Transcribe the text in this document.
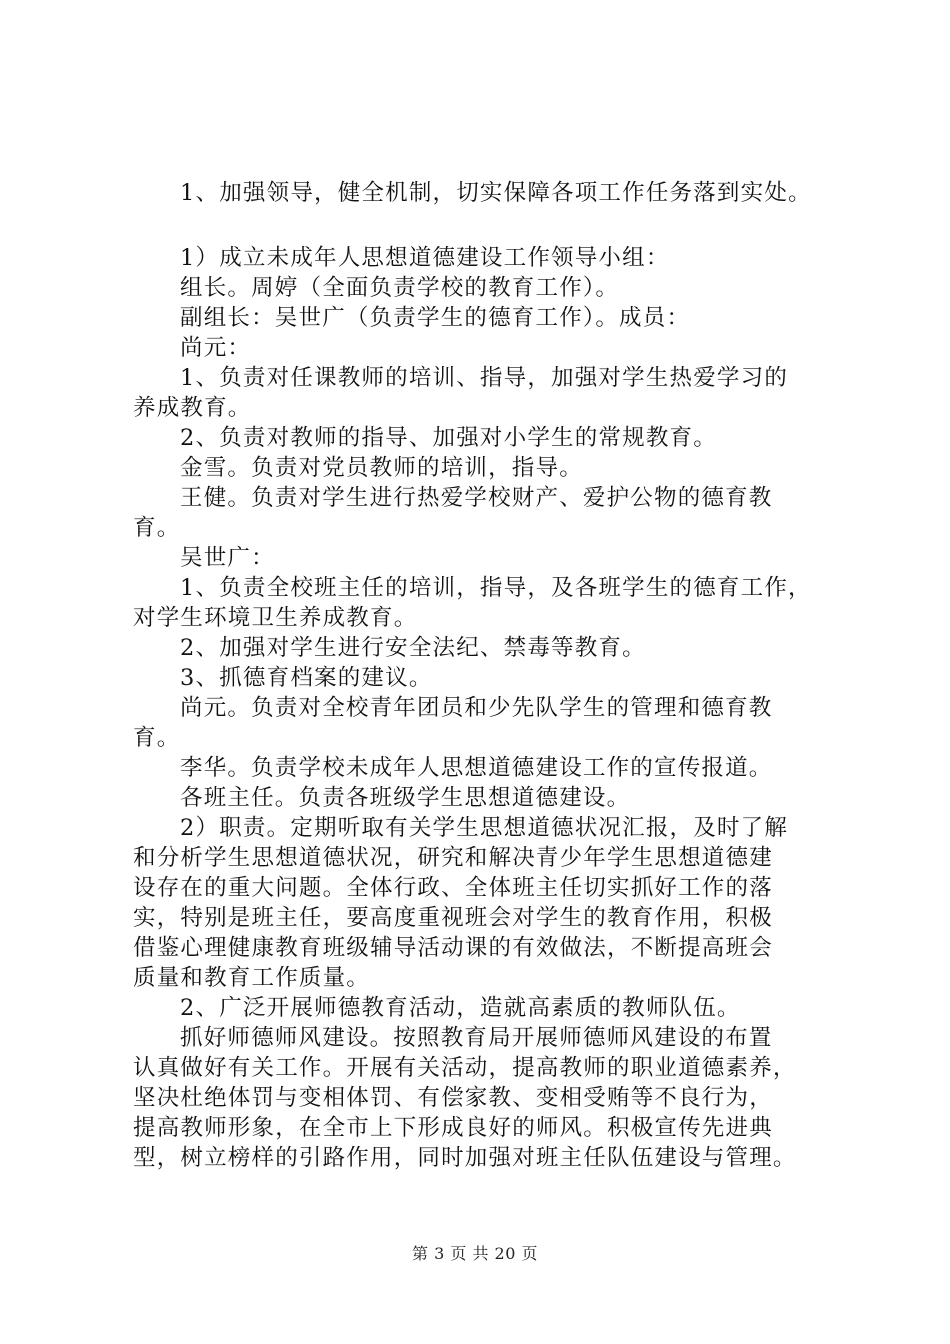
1、加强领导，健全机制，切实保障各项工作任务落到实处。
1）成立未成年人思想道德建设工作领导小组：
组长。周婷（全面负责学校的教育工作）。
副组长：吴世广（负责学生的德育工作）。成员：
尚元：
1、负责对任课教师的培训、指导，加强对学生热爱学习的
养成教育。
2、负责对教师的指导、加强对小学生的常规教育。
金雪。负责对党员教师的培训，指导。
王健。负责对学生进行热爱学校财产、爱护公物的德育教
育。
吴世广：
1、负责全校班主任的培训，指导，及各班学生的德育工作，
对学生环境卫生养成教育。
2、加强对学生进行安全法纪、禁毒等教育。
3、抓德育档案的建议。
尚元。负责对全校青年团员和少先队学生的管理和德育教
育。
李华。负责学校未成年人思想道德建设工作的宣传报道。
各班主任。负责各班级学生思想道德建设。
2）职责。定期听取有关学生思想道德状况汇报，及时了解
和分析学生思想道德状况，研究和解决青少年学生思想道德建
设存在的重大问题。全体行政、全体班主任切实抓好工作的落
实，特别是班主任，要高度重视班会对学生的教育作用，积极
借鉴心理健康教育班级辅导活动课的有效做法，不断提高班会
质量和教育工作质量。
2、广泛开展师德教育活动，造就高素质的教师队伍。
抓好师德师风建设。按照教育局开展师德师风建设的布置
认真做好有关工作。开展有关活动，提高教师的职业道德素养，
坚决杜绝体罚与变相体罚、有偿家教、变相受贿等不良行为，
提高教师形象，在全市上下形成良好的师风。积极宣传先进典
型，树立榜样的引路作用，同时加强对班主任队伍建设与管理。
第 3 页 共 20 页
